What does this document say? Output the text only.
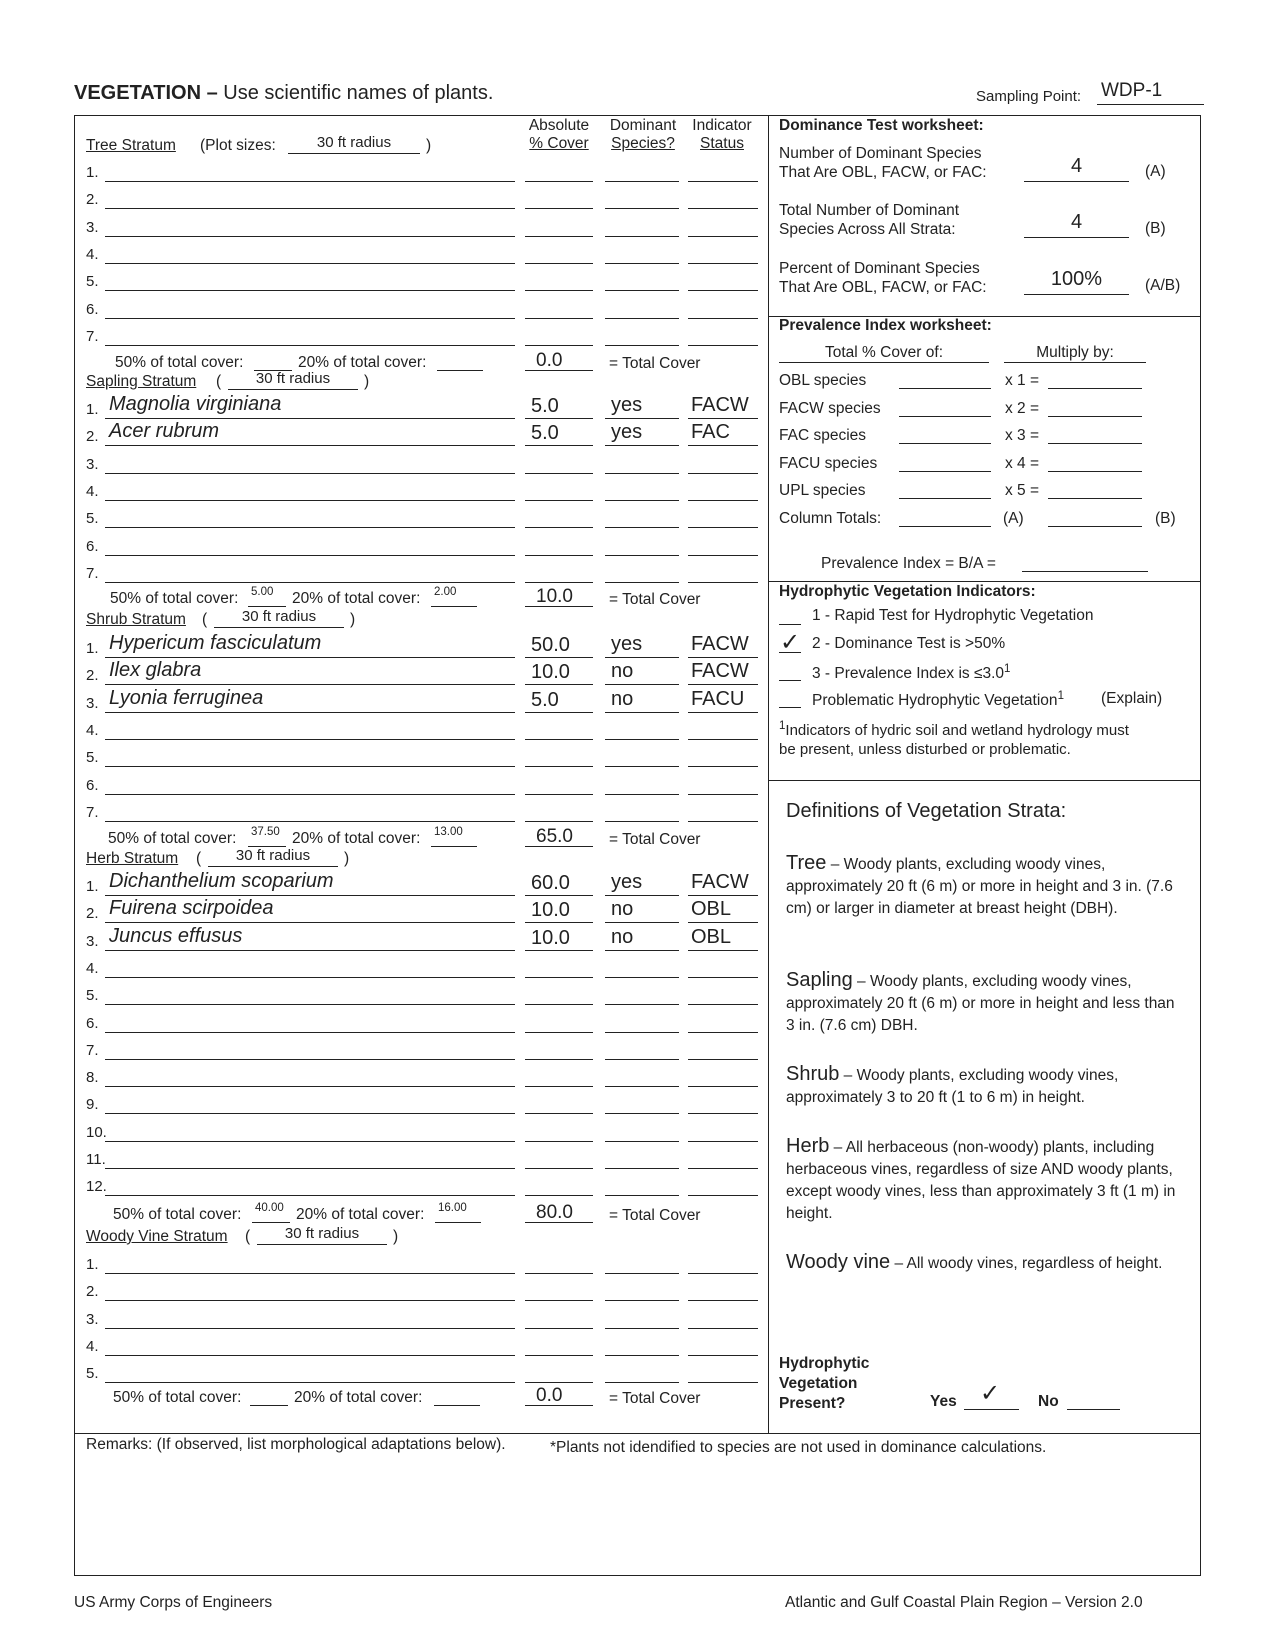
VEGETATION – Use scientific names of plants.	Sampling Point: WDP-1
Absolute
% Cover
Dominant
Species?
Indicator
Status
Tree Stratum (Plot sizes:	30 ft radius	)
1.
2.
3.
4.
5.
6.
7.
50% of total cover:	20% of total cover:	0.0	= Total Cover
Sapling Stratum (	30 ft radius	)
1. Magnolia virginiana	5.0	yes FACW
2. Acer rubrum	5.0	yes FAC
3.
4.
5.
6.
7.
50% of total cover: 5.00 20% of total cover: 2.00	10.0 = Total Cover
Shrub Stratum (	30 ft radius	)
1. Hypericum fasciculatum	50.0 yes FACW
2. Ilex glabra	10.0 no	FACW
3. Lyonia ferruginea	5.0	no	FACU
4.
5.
6.
7.
50% of total cover: 37.50 20% of total cover: 13.00	65.0 = Total Cover
Herb Stratum (	30 ft radius	)
1. Dichanthelium scoparium	60.0 yes FACW
2. Fuirena scirpoidea	10.0 no	OBL
3. Juncus effusus	10.0 no	OBL
4.
5.
6.
7.
8.
9.
10.
11.
12.
50% of total cover: 40.00 20% of total cover: 16.00	80.0 = Total Cover
Woody Vine Stratum (	30 ft radius	)
1.
2.
3.
4.
5.
50% of total cover:	20% of total cover:	0.0	= Total Cover
Dominance Test worksheet:
Number of Dominant Species
That Are OBL, FACW, or FAC:	4	(A)
Total Number of Dominant
Species Across All Strata:	4	(B)
Percent of Dominant Species
That Are OBL, FACW, or FAC:	100%	(A/B)
Prevalence Index worksheet:
Total % Cover of:	Multiply by:
OBL species	x 1 =
FACW species	x 2 =
FAC species	x 3 =
FACU species	x 4 =
UPL species	x 5 =
Column Totals:	(A)	(B)
Prevalence Index = B/A =
Hydrophytic Vegetation Indicators:
1 - Rapid Test for Hydrophytic Vegetation
✓ 2 - Dominance Test is >50%
3 - Prevalence Index is $\le 3.0^1$
Problematic Hydrophytic Vegetation$^1$ (Explain)
$^1$Indicators of hydric soil and wetland hydrology must
be present, unless disturbed or problematic.
Definitions of Vegetation Strata:
Tree – Woody plants, excluding woody vines, approximately 20 ft (6 m) or more in height and 3 in. (7.6 cm) or larger in diameter at breast height (DBH).
Sapling – Woody plants, excluding woody vines, approximately 20 ft (6 m) or more in height and less than 3 in. (7.6 cm) DBH.
Shrub – Woody plants, excluding woody vines, approximately 3 to 20 ft (1 to 6 m) in height.
Herb – All herbaceous (non-woody) plants, including herbaceous vines, regardless of size AND woody plants, except woody vines, less than approximately 3 ft (1 m) in height.
Woody vine – All woody vines, regardless of height.
Hydrophytic
Vegetation
Present?	Yes ✓ No
Remarks: (If observed, list morphological adaptations below).	*Plants not idendified to species are not used in dominance calculations.
US Army Corps of Engineers	Atlantic and Gulf Coastal Plain Region – Version 2.0
